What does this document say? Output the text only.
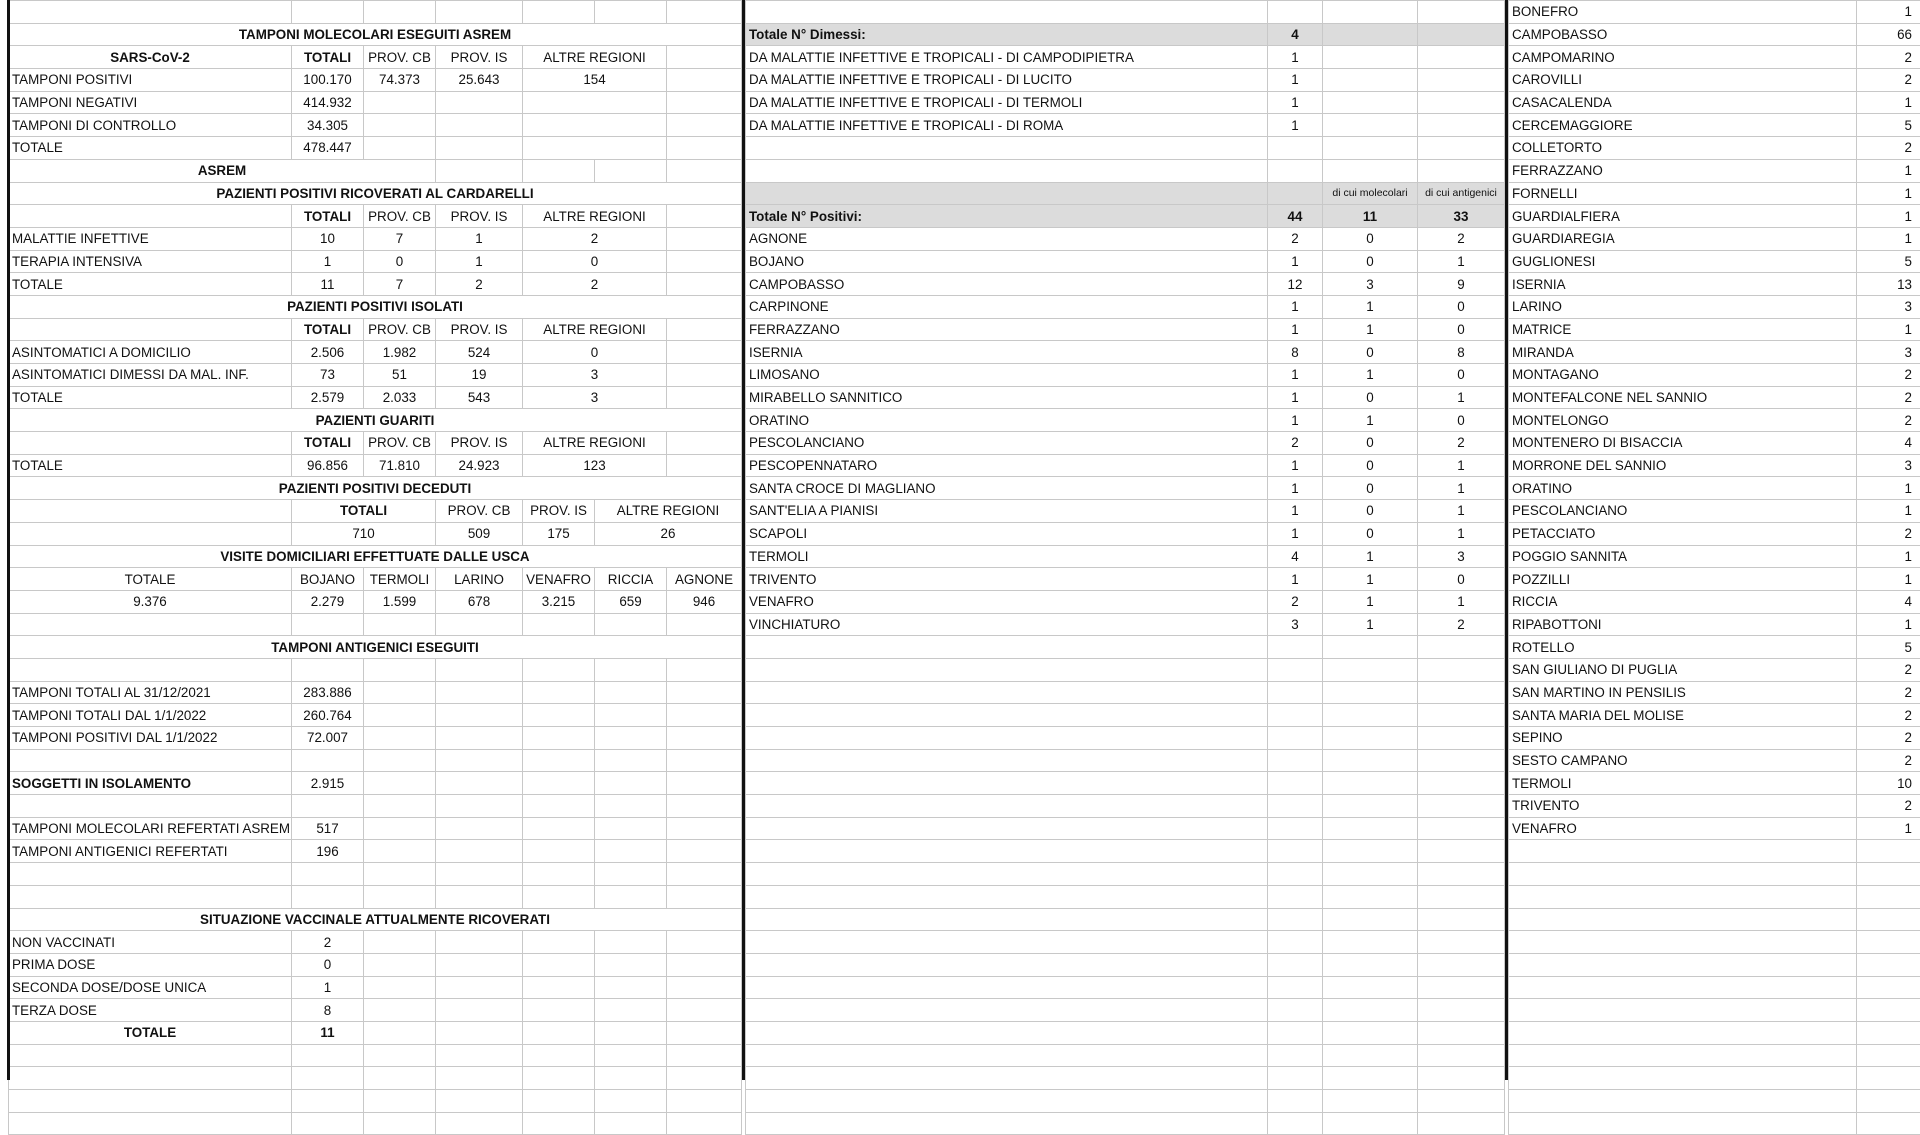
TAMPONI MOLECOLARI ESEGUITI ASREM						
SARS-CoV-2	TOTALI	PROV. CB	PROV. IS	ALTRE REGIONI		
TAMPONI POSITIVI	100.170	74.373	25.643	154		
TAMPONI NEGATIVI	414.932					
TAMPONI DI CONTROLLO	34.305					
TOTALE	478.447					
ASREM						
PAZIENTI POSITIVI RICOVERATI AL CARDARELLI						
	TOTALI	PROV. CB	PROV. IS	ALTRE REGIONI		
MALATTIE INFETTIVE	10	7	1	2		
TERAPIA INTENSIVA	1	0	1	0		
TOTALE	11	7	2	2		
PAZIENTI POSITIVI ISOLATI						
	TOTALI	PROV. CB	PROV. IS	ALTRE REGIONI		
ASINTOMATICI A DOMICILIO	2.506	1.982	524	0		
ASINTOMATICI DIMESSI DA MAL. INF.	73	51	19	3		
TOTALE	2.579	2.033	543	3		
PAZIENTI GUARITI						
	TOTALI	PROV. CB	PROV. IS	ALTRE REGIONI		
TOTALE	96.856	71.810	24.923	123		
PAZIENTI POSITIVI DECEDUTI						
	TOTALI		PROV. CB	PROV. IS	ALTRE REGIONI	
	710		509	175	26	
VISITE DOMICILIARI EFFETTUATE DALLE USCA						
TOTALE	BOJANO	TERMOLI	LARINO	VENAFRO	RICCIA	AGNONE
9.376	2.279	1.599	678	3.215	659	946

TAMPONI ANTIGENICI ESEGUITI						

TAMPONI TOTALI AL 31/12/2021	283.886					
TAMPONI TOTALI DAL 1/1/2022	260.764					
TAMPONI POSITIVI DAL 1/1/2022	72.007					

SOGGETTI IN ISOLAMENTO	2.915					

TAMPONI MOLECOLARI REFERTATI ASREM	517					
TAMPONI ANTIGENICI REFERTATI	196					

SITUAZIONE VACCINALE ATTUALMENTE RICOVERATI						
NON VACCINATI	2					
PRIMA DOSE	0					
SECONDA DOSE/DOSE UNICA	1					
TERZA DOSE	8					
TOTALE	11					

Totale N° Dimessi:	4		
DA MALATTIE INFETTIVE E TROPICALI - DI CAMPODIPIETRA	1		
DA MALATTIE INFETTIVE E TROPICALI - DI LUCITO	1		
DA MALATTIE INFETTIVE E TROPICALI - DI TERMOLI	1		
DA MALATTIE INFETTIVE E TROPICALI - DI ROMA	1		

		di cui molecolari	di cui antigenici
Totale N° Positivi:	44	11	33
AGNONE	2	0	2
BOJANO	1	0	1
CAMPOBASSO	12	3	9
CARPINONE	1	1	0
FERRAZZANO	1	1	0
ISERNIA	8	0	8
LIMOSANO	1	1	0
MIRABELLO SANNITICO	1	0	1
ORATINO	1	1	0
PESCOLANCIANO	2	0	2
PESCOPENNATARO	1	0	1
SANTA CROCE DI MAGLIANO	1	0	1
SANT'ELIA A PIANISI	1	0	1
SCAPOLI	1	0	1
TERMOLI	4	1	3
TRIVENTO	1	1	0
VENAFRO	2	1	1
VINCHIATURO	3	1	2

BONEFRO	1
CAMPOBASSO	66
CAMPOMARINO	2
CAROVILLI	2
CASACALENDA	1
CERCEMAGGIORE	5
COLLETORTO	2
FERRAZZANO	1
FORNELLI	1
GUARDIALFIERA	1
GUARDIAREGIA	1
GUGLIONESI	5
ISERNIA	13
LARINO	3
MATRICE	1
MIRANDA	3
MONTAGANO	2
MONTEFALCONE NEL SANNIO	2
MONTELONGO	2
MONTENERO DI BISACCIA	4
MORRONE DEL SANNIO	3
ORATINO	1
PESCOLANCIANO	1
PETACCIATO	2
POGGIO SANNITA	1
POZZILLI	1
RICCIA	4
RIPABOTTONI	1
ROTELLO	5
SAN GIULIANO DI PUGLIA	2
SAN MARTINO IN PENSILIS	2
SANTA MARIA DEL MOLISE	2
SEPINO	2
SESTO CAMPANO	2
TERMOLI	10
TRIVENTO	2
VENAFRO	1
